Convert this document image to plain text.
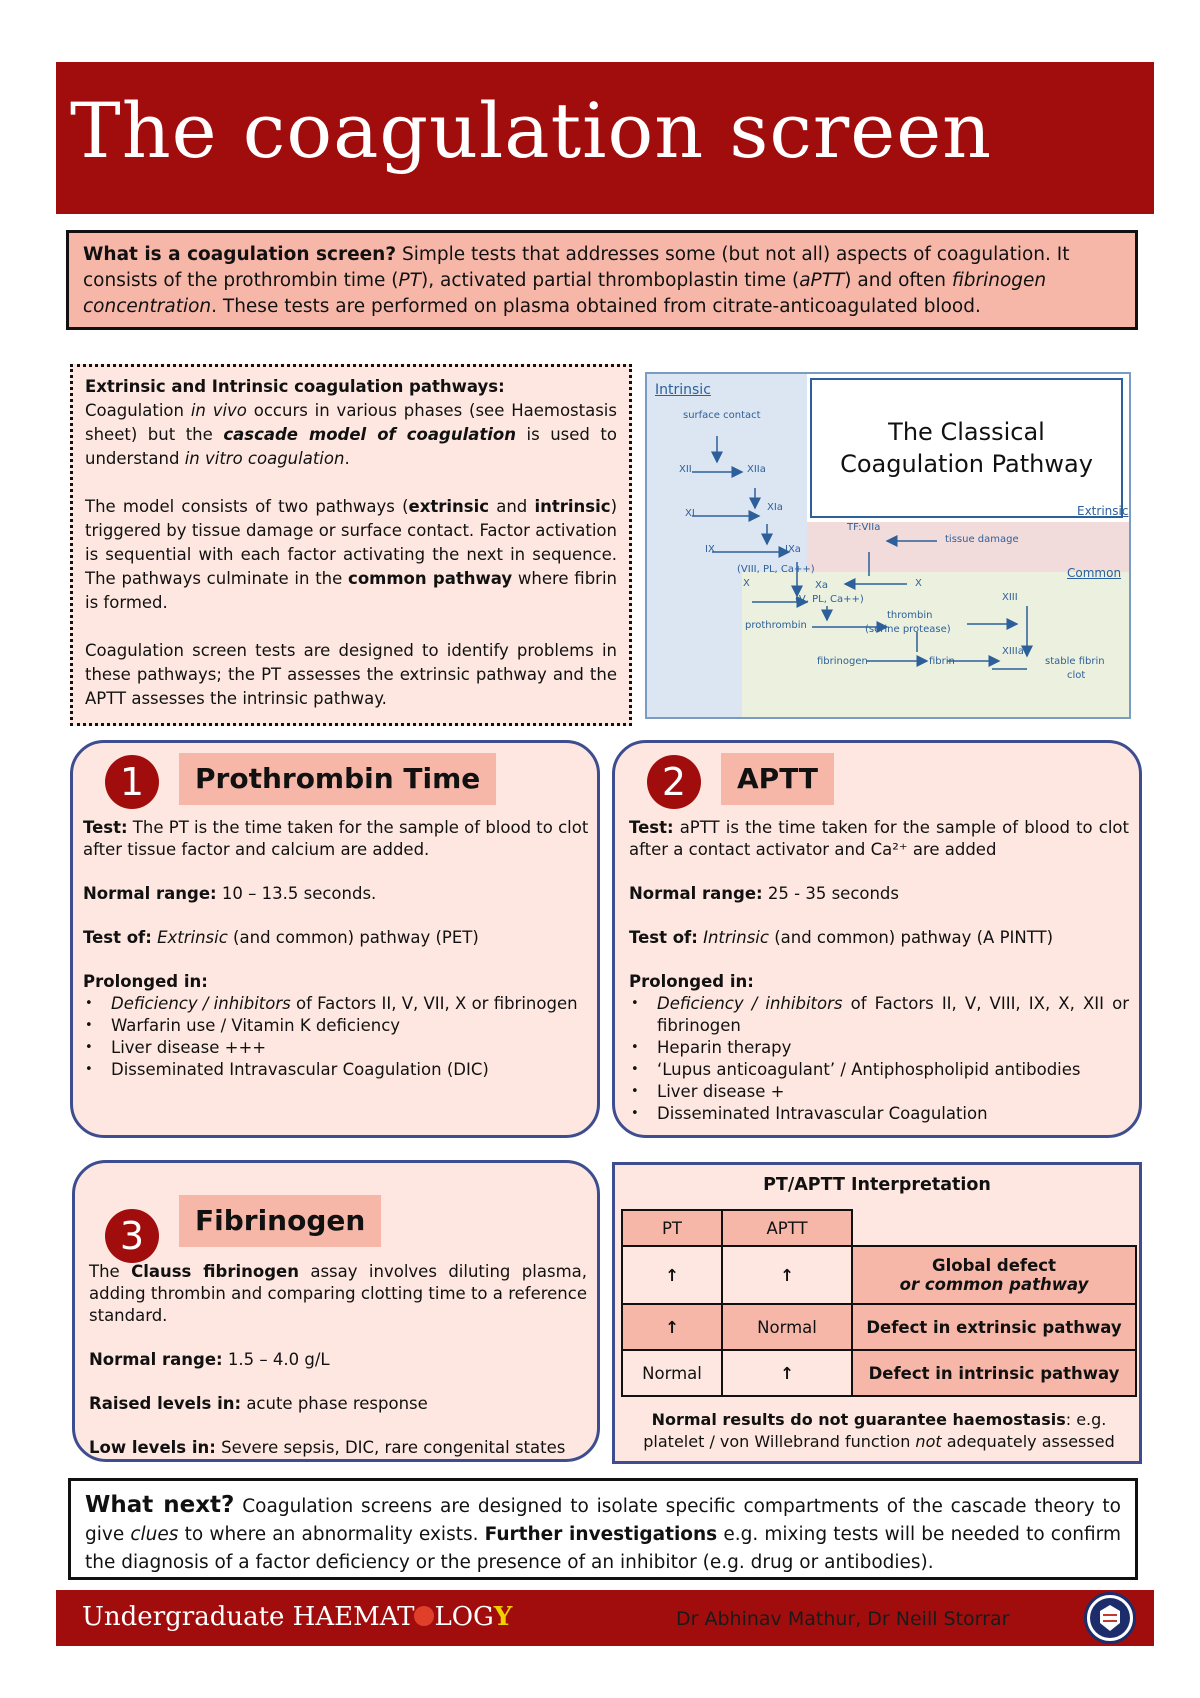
The coagulation screen
What is a coagulation screen? Simple tests that addresses some (but not all) aspects of coagulation. It consists of the prothrombin time (PT), activated partial thromboplastin time (aPTT) and often fibrinogen concentration. These tests are performed on plasma obtained from citrate-anticoagulated blood.
Extrinsic and Intrinsic coagulation pathways:

Coagulation in vivo occurs in various phases (see Haemostasis sheet) but the cascade model of coagulation is used to understand in vitro coagulation.

The model consists of two pathways (extrinsic and intrinsic) triggered by tissue damage or surface contact. Factor activation is sequential with each factor activating the next in sequence. The pathways culminate in the common pathway where fibrin is formed.

Coagulation screen tests are designed to identify problems in these pathways; the PT assesses the extrinsic pathway and the APTT assesses the intrinsic pathway.

The Classical
Coagulation Pathway
Intrinsic
Extrinsic
Common
surface contact
XII	XIIa
XI
XIa
IX	IXa
(VIII, PL, Ca++)
X	Xa	X
(V, PL, Ca++)
TF:VIIa
tissue damage
prothrombin
thrombin
(serine protease)
XIII
XIIIa
fibrinogen	fibrin	stable fibrin
clot
1	Prothrombin Time

Test: The PT is the time taken for the sample of blood to clot after tissue factor and calcium are added.

Normal range: 10 – 13.5 seconds.

Test of: Extrinsic (and common) pathway (PET)

Prolonged in:
• Deficiency / inhibitors of Factors II, V, VII, X or fibrinogen
• Warfarin use / Vitamin K deficiency
• Liver disease +++
• Disseminated Intravascular Coagulation (DIC)
2	APTT

Test: aPTT is the time taken for the sample of blood to clot after a contact activator and Ca²⁺ are added

Normal range: 25 - 35 seconds

Test of: Intrinsic (and common) pathway (A PINTT)

Prolonged in:
• Deficiency / inhibitors of Factors II, V, VIII, IX, X, XII or fibrinogen
• Heparin therapy
• ‘Lupus anticoagulant’ / Antiphospholipid antibodies
• Liver disease +
• Disseminated Intravascular Coagulation
3	Fibrinogen

The Clauss fibrinogen assay involves diluting plasma, adding thrombin and comparing clotting time to a reference standard.

Normal range: 1.5 – 4.0 g/L

Raised levels in: acute phase response

Low levels in: Severe sepsis, DIC, rare congenital states

PT/APTT Interpretation
PT	APTT	
↑	↑	Global defect
or common pathway
↑	Normal	Defect in extrinsic pathway
Normal	↑	Defect in intrinsic pathway
Normal results do not guarantee haemostasis: e.g. platelet / von Willebrand function not adequately assessed
What next? Coagulation screens are designed to isolate specific compartments of the cascade theory to give clues to where an abnormality exists. Further investigations e.g. mixing tests will be needed to confirm the diagnosis of a factor deficiency or the presence of an inhibitor (e.g. drug or antibodies).
Undergraduate HAEMAT LOGY	Dr Abhinav Mathur, Dr Neill Storrar
